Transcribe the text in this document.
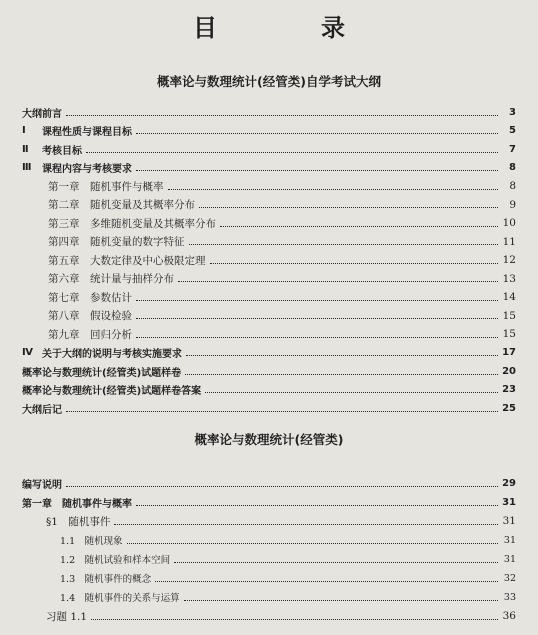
目　录
概率论与数理统计(经管类)自学考试大纲
大纲前言	3
Ⅰ	课程性质与课程目标	5
Ⅱ	考核目标	7
Ⅲ	课程内容与考核要求	8
第一章　随机事件与概率	8
第二章　随机变量及其概率分布	9
第三章　多维随机变量及其概率分布	10
第四章　随机变量的数字特征	11
第五章　大数定律及中心极限定理	12
第六章　统计量与抽样分布	13
第七章　参数估计	14
第八章　假设检验	15
第九章　回归分析	15
Ⅳ 关于大纲的说明与考核实施要求	17
概率论与数理统计(经管类)试题样卷	20
概率论与数理统计(经管类)试题样卷答案	23
大纲后记	25
概率论与数理统计(经管类)
编写说明	29
第一章　随机事件与概率	31
§1　随机事件	31
1.1　随机现象	31
1.2　随机试验和样本空间	31
1.3　随机事件的概念	32
1.4　随机事件的关系与运算	33
习题 1.1	36
